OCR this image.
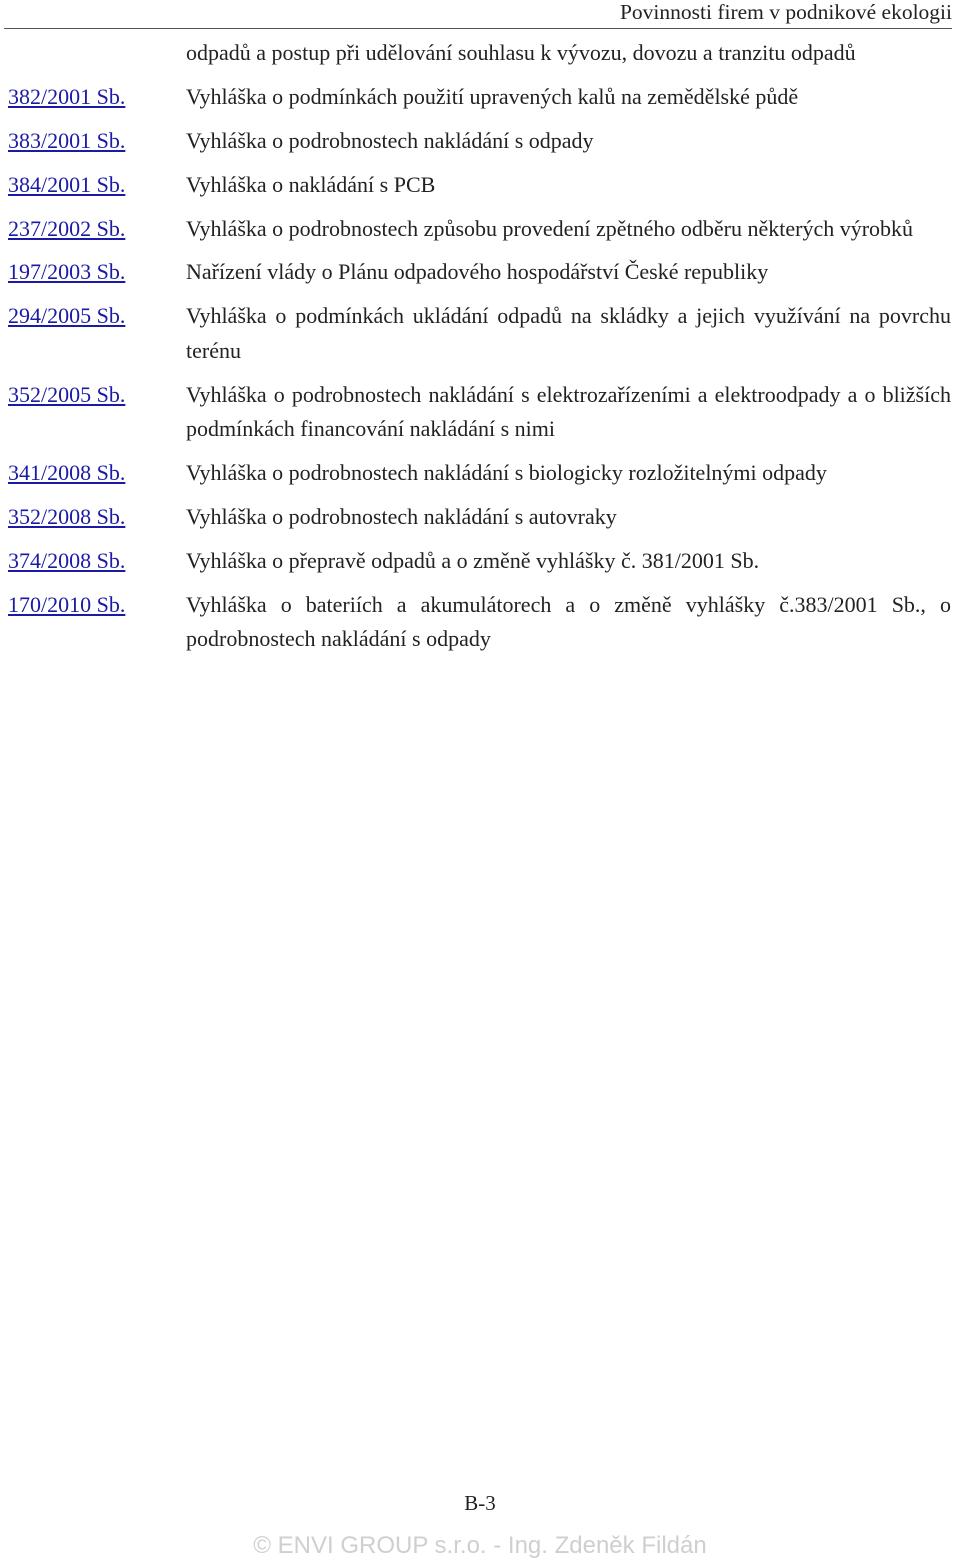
Povinnosti firem v podnikové ekologii
odpadů a postup při udělování souhlasu k vývozu, dovozu a tranzitu odpadů
382/2001 Sb.	Vyhláška o podmínkách použití upravených kalů na zemědělské půdě
383/2001 Sb.	Vyhláška o podrobnostech nakládání s odpady
384/2001 Sb.	Vyhláška o nakládání s PCB
237/2002 Sb.	Vyhláška o podrobnostech způsobu provedení zpětného odběru některých výrobků
197/2003 Sb.	Nařízení vlády o Plánu odpadového hospodářství České republiky
294/2005 Sb.	Vyhláška o podmínkách ukládání odpadů na skládky a jejich využívání na povrchu terénu
352/2005 Sb.	Vyhláška o podrobnostech nakládání s elektrozařízeními a elektroodpady a o bližších podmínkách financování nakládání s nimi
341/2008 Sb.	Vyhláška o podrobnostech nakládání s biologicky rozložitelnými odpady
352/2008 Sb.	Vyhláška o podrobnostech nakládání s autovraky
374/2008 Sb.	Vyhláška o přepravě odpadů a o změně vyhlášky č. 381/2001 Sb.
170/2010 Sb.	Vyhláška o bateriích a akumulátorech a o změně vyhlášky č.383/2001 Sb., o podrobnostech nakládání s odpady
B-3
© ENVI GROUP s.r.o. - Ing. Zdeněk Fildán
